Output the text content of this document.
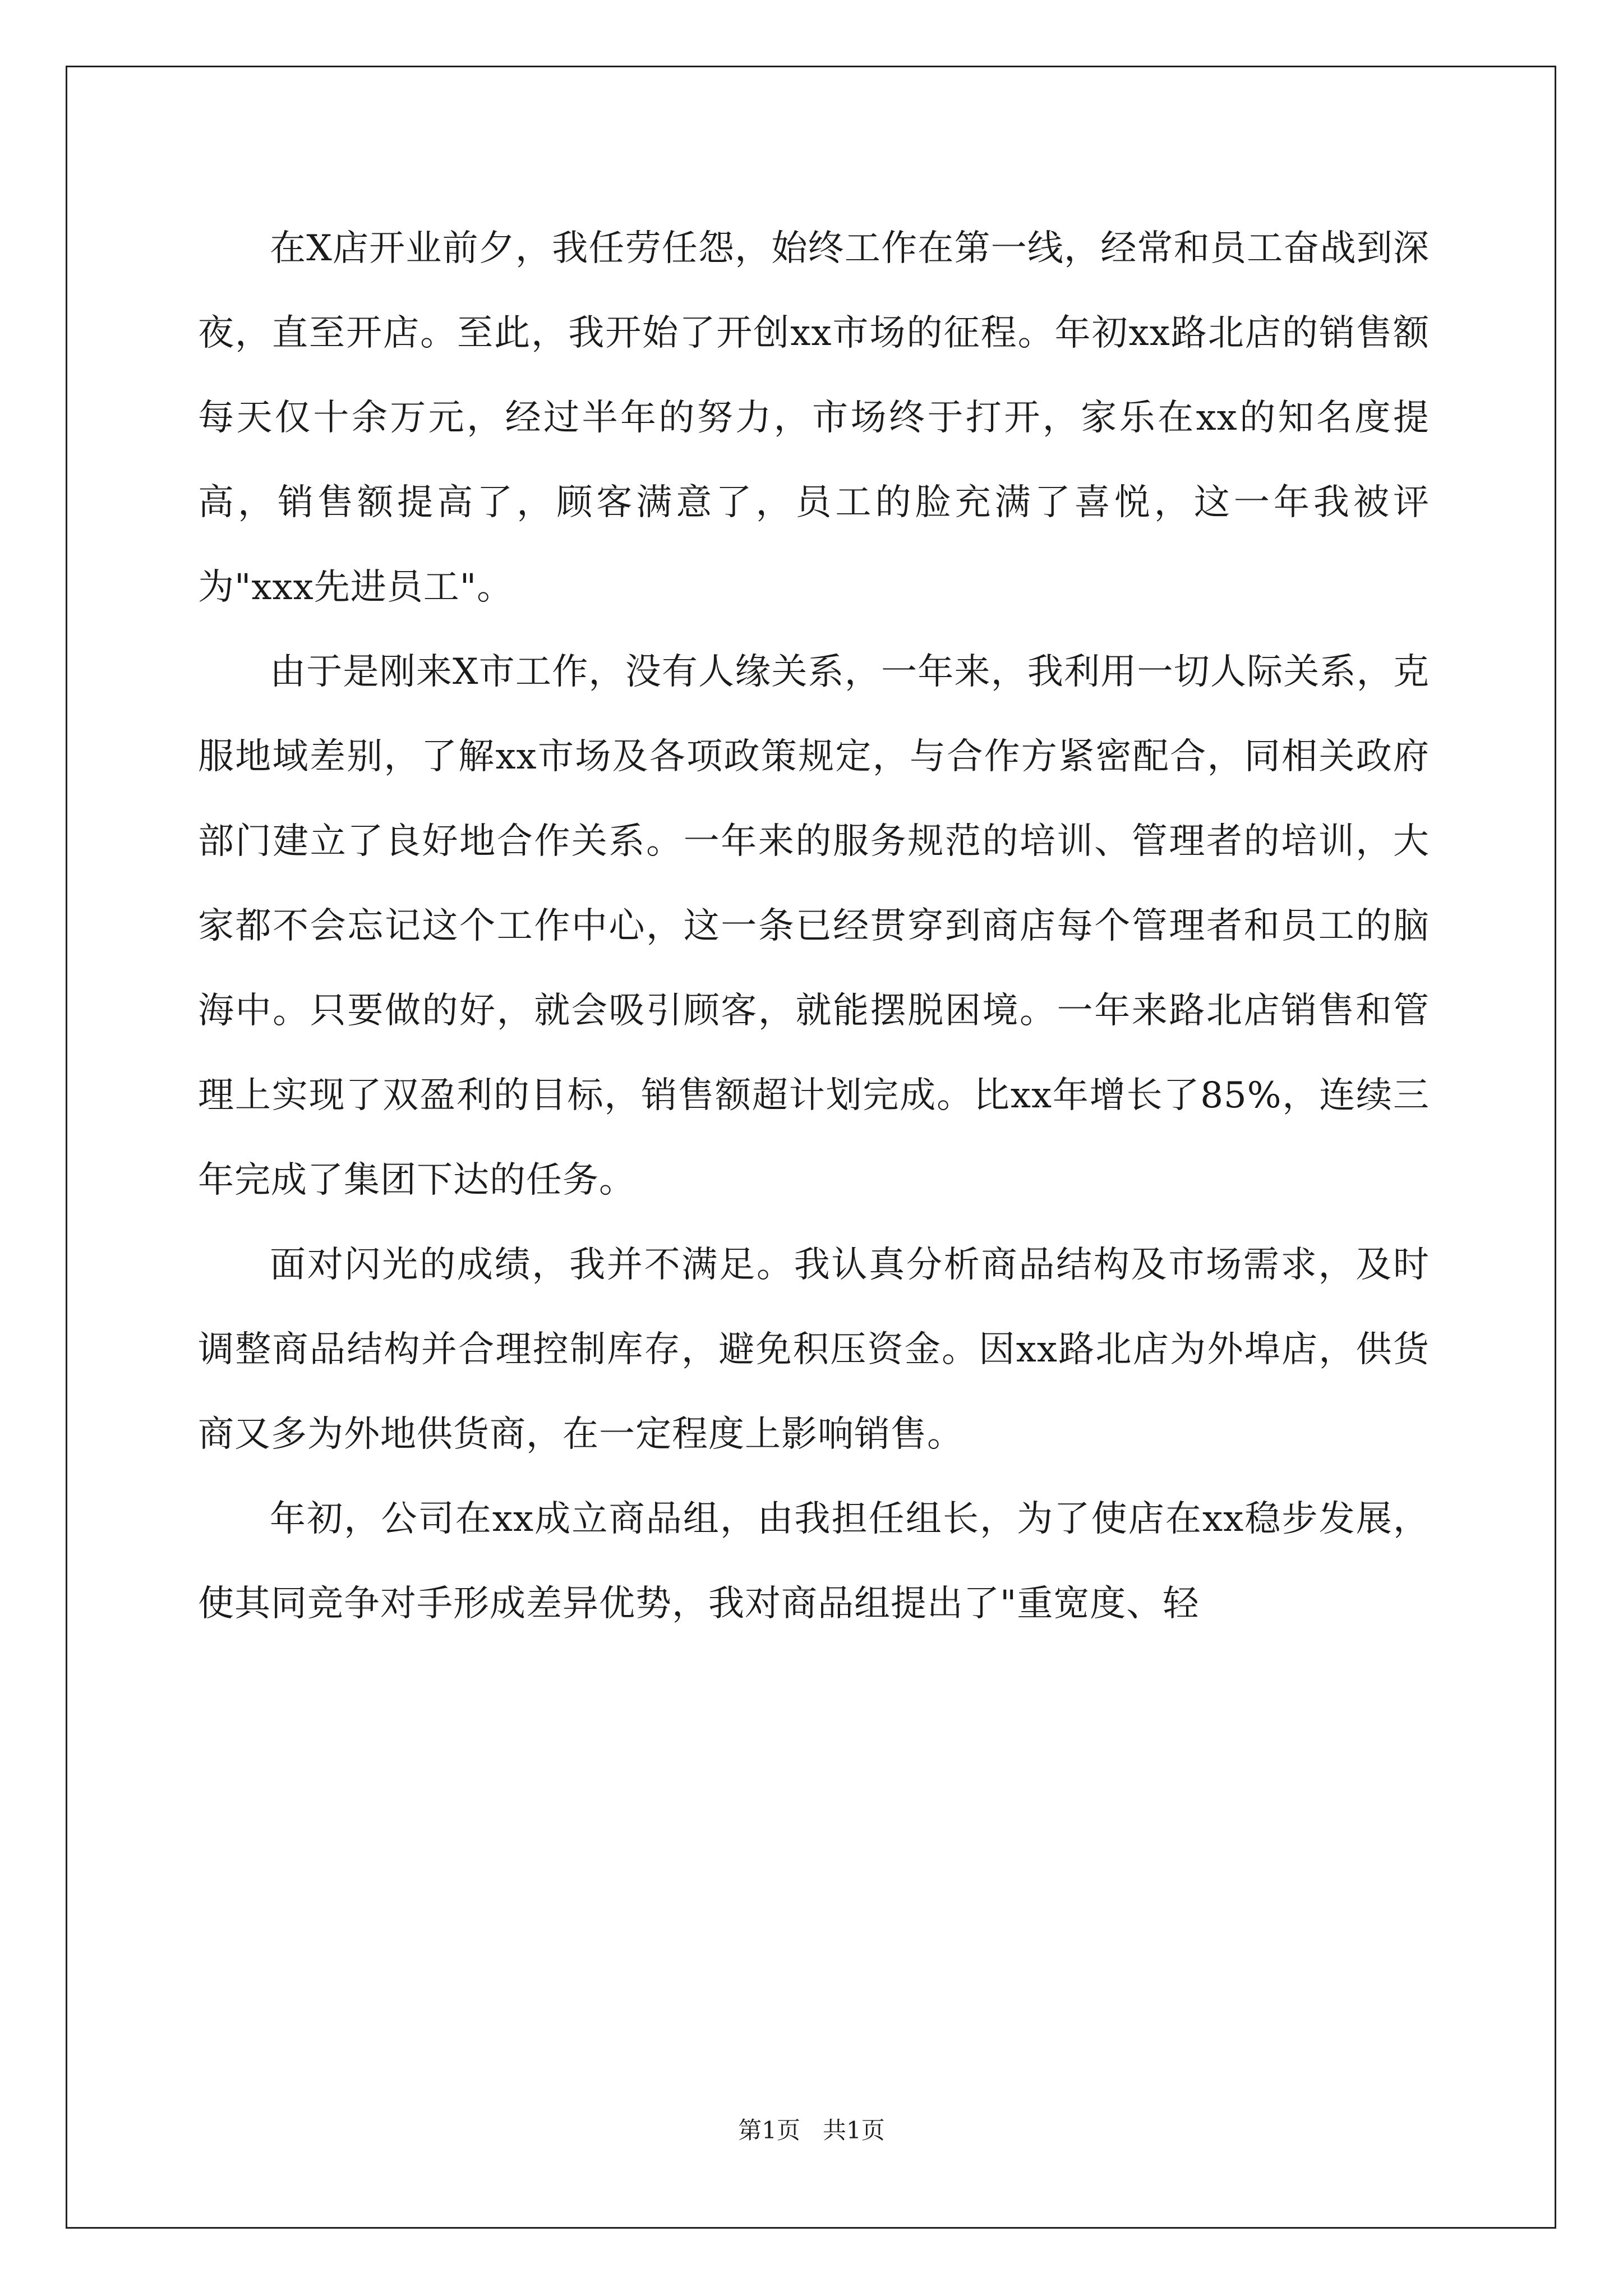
在X店开业前夕，我任劳任怨，始终工作在第一线，经常和员工奋战到深夜，直至开店。至此，我开始了开创xx市场的征程。年初xx路北店的销售额每天仅十余万元，经过半年的努力，市场终于打开，家乐在xx的知名度提高，销售额提高了，顾客满意了，员工的脸充满了喜悦，这一年我被评为"xxx先进员工"。

由于是刚来X市工作，没有人缘关系，一年来，我利用一切人际关系，克服地域差别，了解xx市场及各项政策规定，与合作方紧密配合，同相关政府部门建立了良好地合作关系。一年来的服务规范的培训、管理者的培训，大家都不会忘记这个工作中心，这一条已经贯穿到商店每个管理者和员工的脑海中。只要做的好，就会吸引顾客，就能摆脱困境。一年来路北店销售和管理上实现了双盈利的目标，销售额超计划完成。比xx年增长了85%，连续三年完成了集团下达的任务。

面对闪光的成绩，我并不满足。我认真分析商品结构及市场需求，及时调整商品结构并合理控制库存，避免积压资金。因xx路北店为外埠店，供货商又多为外地供货商，在一定程度上影响销售。

年初，公司在xx成立商品组，由我担任组长，为了使店在xx稳步发展，使其同竞争对手形成差异优势，我对商品组提出了"重宽度、轻

第1页   共1页
